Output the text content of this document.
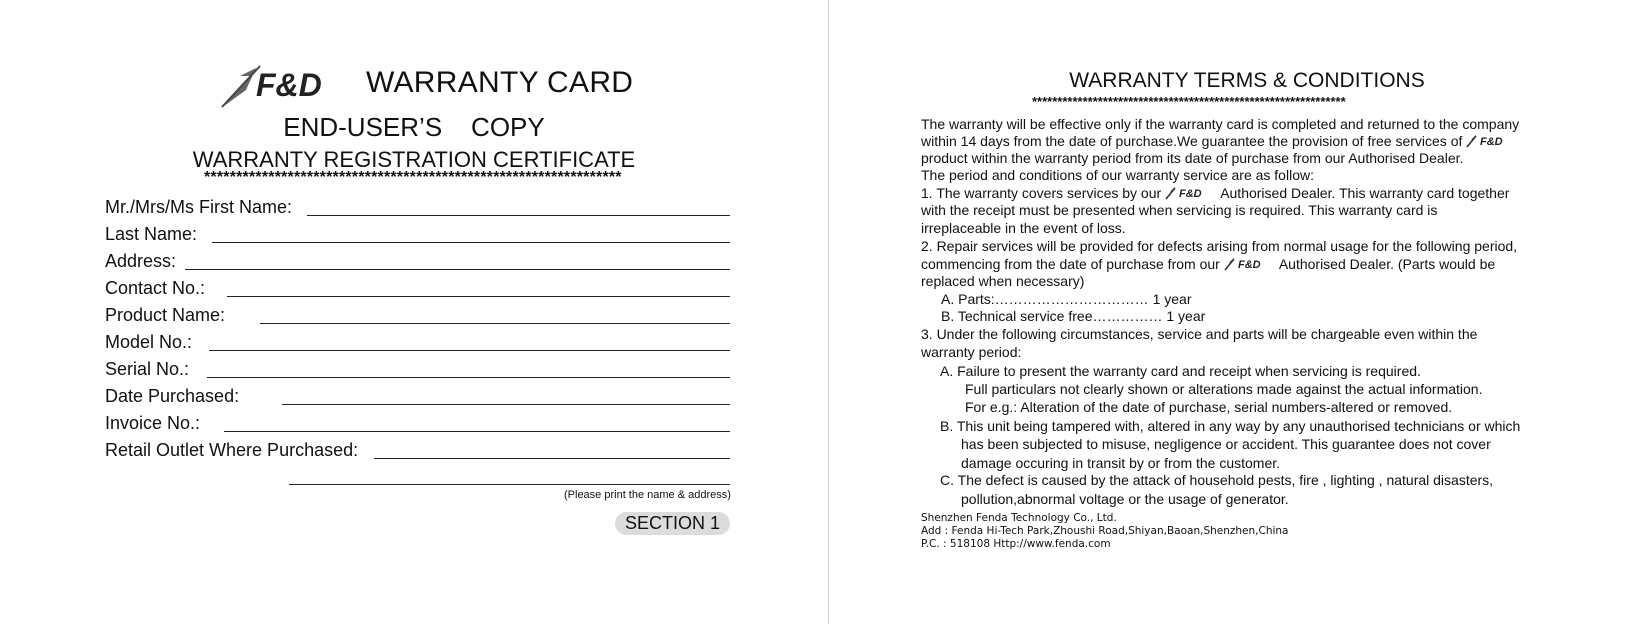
F&D WARRANTY CARD
END-USER’S    COPY
WARRANTY REGISTRATION CERTIFICATE
*****************************************************************
Mr./Mrs/Ms First Name:
Last Name:
Address:
Contact No.:
Product Name:
Model No.:
Serial No.:
Date Purchased:
Invoice No.:
Retail Outlet Where Purchased:
(Please print the name & address)
SECTION 1
WARRANTY TERMS & CONDITIONS
**************************************************************
The warranty will be effective only if the warranty card is completed and returned to the company
within 14 days from the date of purchase.We guarantee the provision of free services of F&D
product within the warranty period from its date of purchase from our Authorised Dealer.
The period and conditions of our warranty service are as follow:
1. The warranty covers services by our F&D Authorised Dealer. This warranty card together
with the receipt must be presented when servicing is required. This warranty card is
irreplaceable in the event of loss.
2. Repair services will be provided for defects arising from normal usage for the following period,
commencing from the date of purchase from our F&D Authorised Dealer. (Parts would be
replaced when necessary)
A. Parts:…………………………… 1 year
B. Technical service free…………… 1 year
3. Under the following circumstances, service and parts will be chargeable even within the
warranty period:
A. Failure to present the warranty card and receipt when servicing is required.
Full particulars not clearly shown or alterations made against the actual information.
For e.g.: Alteration of the date of purchase, serial numbers-altered or removed.
B. This unit being tampered with, altered in any way by any unauthorised technicians or which
has been subjected to misuse, negligence or accident. This guarantee does not cover
damage occuring in transit by or from the customer.
C. The defect is caused by the attack of household pests, fire , lighting , natural disasters,
pollution,abnormal voltage or the usage of generator.
Shenzhen Fenda Technology Co., Ltd.
Add : Fenda Hi-Tech Park,Zhoushi Road,Shiyan,Baoan,Shenzhen,China
P.C. : 518108 Http://www.fenda.com
